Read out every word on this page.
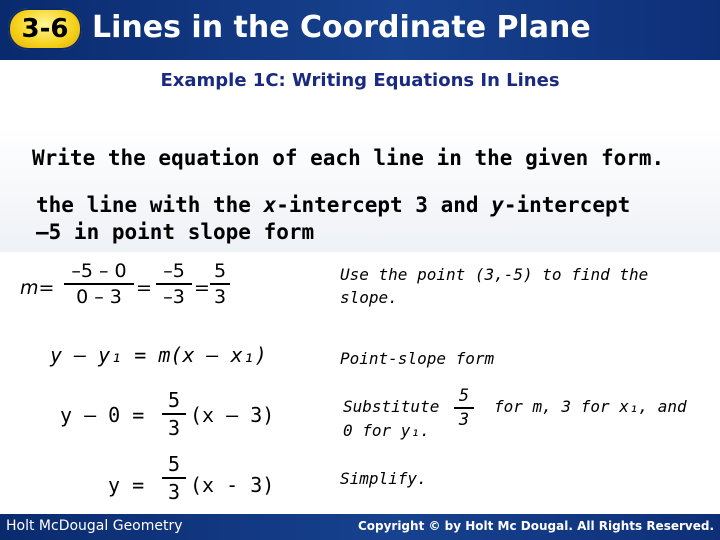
3-6 Lines in the Coordinate Plane
Example 1C: Writing Equations In Lines
Write the equation of each line in the given form.
the line with the x-intercept 3 and y-intercept
–5 in point slope form
m=
–5 – 0
0 – 3 =
–5
–3 =
5
3
Use the point (3,-5) to find the slope.
y – y₁ = m(x – x₁)	Point-slope form
y – 0 =
5
3
(x – 3)	Substitute
5
3
for m, 3 for x₁, and
0 for y₁.
y =
5
3 (x - 3)	Simplify.
Holt McDougal Geometry	Copyright © by Holt Mc Dougal. All Rights Reserved.
